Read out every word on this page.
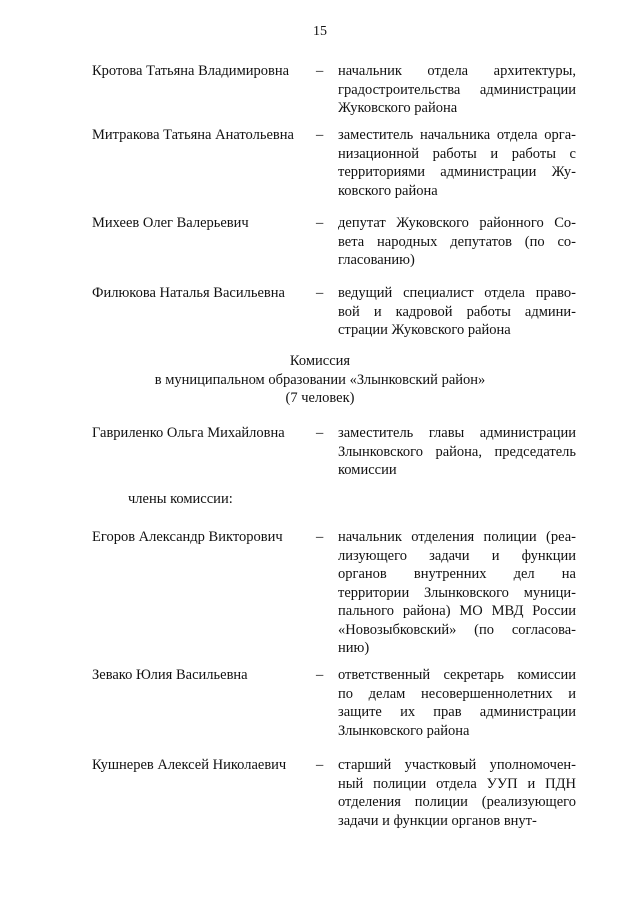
15
Кротова Татьяна Владимировна – начальник отдела архитектуры,
градостроительства администрации
Жуковского района
Митракова Татьяна Анатольевна – заместитель начальника отдела орга-
низационной работы и работы с
территориями администрации Жу-
ковского района
Михеев Олег Валерьевич	– депутат Жуковского районного Со-
вета народных депутатов (по со-
гласованию)
Филюкова Наталья Васильевна – ведущий специалист отдела право-
вой и кадровой работы админи-
страции Жуковского района
Комиссия
в муниципальном образовании «Злынковский район»
(7 человек)
Гавриленко Ольга Михайловна – заместитель главы администрации
Злынковского района, председатель
комиссии
члены комиссии:
Егоров Александр Викторович – начальник отделения полиции (реа-
лизующего задачи и функции
органов внутренних дел на
территории Злынковского муници-
пального района) МО МВД России
«Новозыбковский» (по согласова-
нию)
Зевако Юлия Васильевна	– ответственный секретарь комиссии
по делам несовершеннолетних и
защите их прав администрации
Злынковского района
Кушнерев Алексей Николаевич – старший участковый уполномочен-
ный полиции отдела УУП и ПДН
отделения полиции (реализующего
задачи и функции органов внут-
